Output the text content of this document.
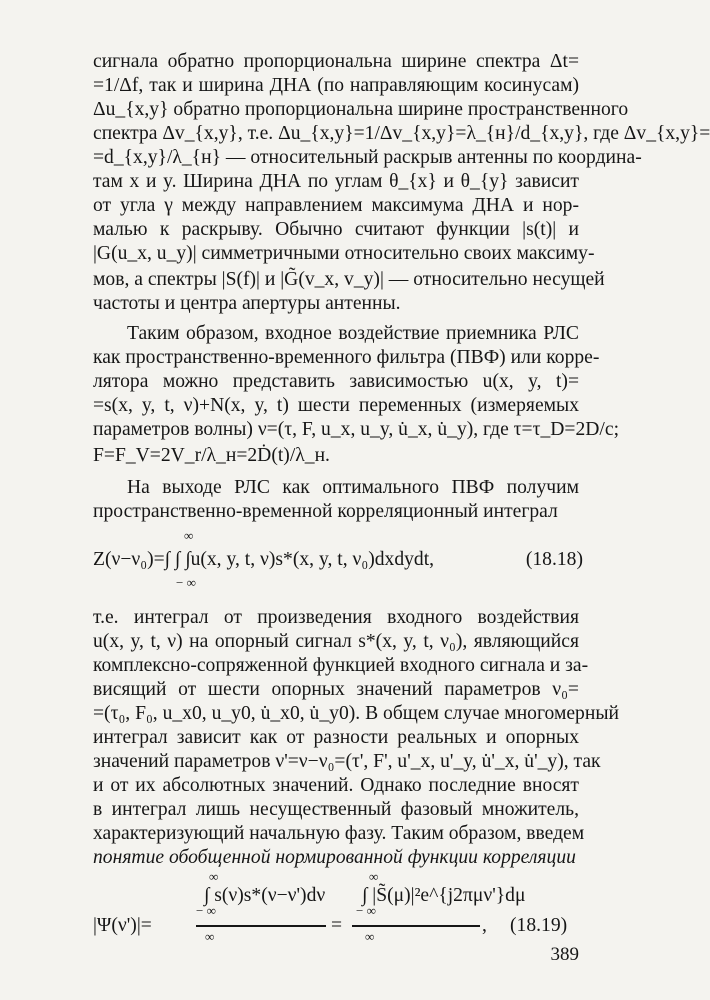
сигнала обратно пропорциональна ширине спектра Δt=
=1/Δf, так и ширина ДНА (по направляющим косинусам)
Δu_{x,y} обратно пропорциональна ширине пространственного
спектра Δv_{x,y}, т.е. Δu_{x,y}=1/Δv_{x,y}=λ_{н}/d_{x,y}, где Δv_{x,y}=
=d_{x,y}/λ_{н} — относительный раскрыв антенны по координа-
там x и y. Ширина ДНА по углам θ_{x} и θ_{y} зависит
от угла γ между направлением максимума ДНА и нор-
малью к раскрыву. Обычно считают функции |s(t)| и
|G(u_x, u_y)| симметричными относительно своих максиму-
мов, а спектры |S(f)| и |G̃(v_x, v_y)| — относительно несущей
частоты и центра апертуры антенны.
Таким образом, входное воздействие приемника РЛС
как пространственно-временного фильтра (ПВФ) или корре-
лятора можно представить зависимостью u(x, y, t)=
=s(x, y, t, ν)+N(x, y, t) шести переменных (измеряемых
параметров волны) ν=(τ, F, u_x, u_y, u̇_x, u̇_y), где τ=τ_D=2D/c;
F=F_V=2V_r/λ_н=2Ḋ(t)/λ_н.
На выходе РЛС как оптимального ПВФ получим
пространственно-временной корреляционный интеграл
∞
Z(ν−ν₀)=∫ ∫ ∫u(x, y, t, ν)s*(x, y, t, ν₀)dxdydt,	(18.18)
− ∞
т.е. интеграл от произведения входного воздействия
u(x, y, t, ν) на опорный сигнал s*(x, y, t, ν₀), являющийся
комплексно-сопряженной функцией входного сигнала и за-
висящий от шести опорных значений параметров ν₀=
=(τ₀, F₀, u_x0, u_y0, u̇_x0, u̇_y0). В общем случае многомерный
интеграл зависит как от разности реальных и опорных
значений параметров ν'=ν−ν₀=(τ', F', u'_x, u'_y, u̇'_x, u̇'_y), так
и от их абсолютных значений. Однако последние вносят
в интеграл лишь несущественный фазовый множитель,
характеризующий начальную фазу. Таким образом, введем
понятие обобщенной нормированной функции корреляции
∞	∞
∫ s(ν)s*(ν−ν')dν ∫ |S̃(μ)|²e^{j2πμν'}dμ
− ∞	− ∞
|Ψ(ν')|=	=	, (18.19)
∞	∞
389
